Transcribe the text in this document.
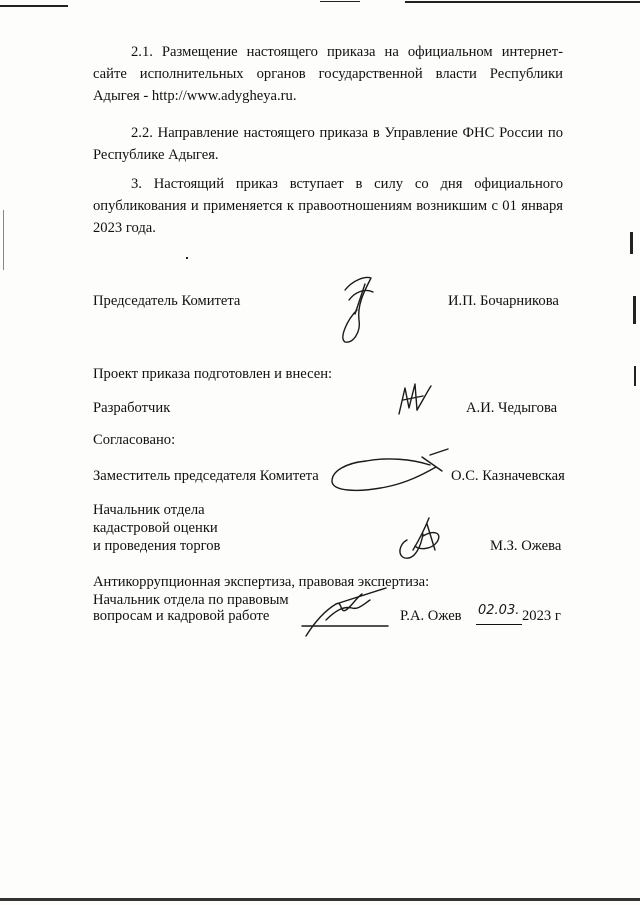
2.1. Размещение настоящего приказа на официальном интернет-сайте исполнительных органов государственной власти Республики Адыгея - http://www.adygheya.ru.

2.2. Направление настоящего приказа в Управление ФНС России по Республике Адыгея.

3. Настоящий приказ вступает в силу со дня официального опубликования и применяется к правоотношениям возникшим с 01 января 2023 года.

Председатель Комитета	И.П. Бочарникова
Проект приказа подготовлен и внесен:
Разработчик	А.И. Чедыгова
Согласовано:
Заместитель председателя Комитета	О.С. Казначевская
Начальник отдела
кадастровой оценки
и проведения торгов	М.З. Ожева
Антикоррупционная экспертиза, правовая экспертиза:
Начальник отдела по правовым
вопросам и кадровой работе	Р.А. Ожев 02.03. 2023 г
